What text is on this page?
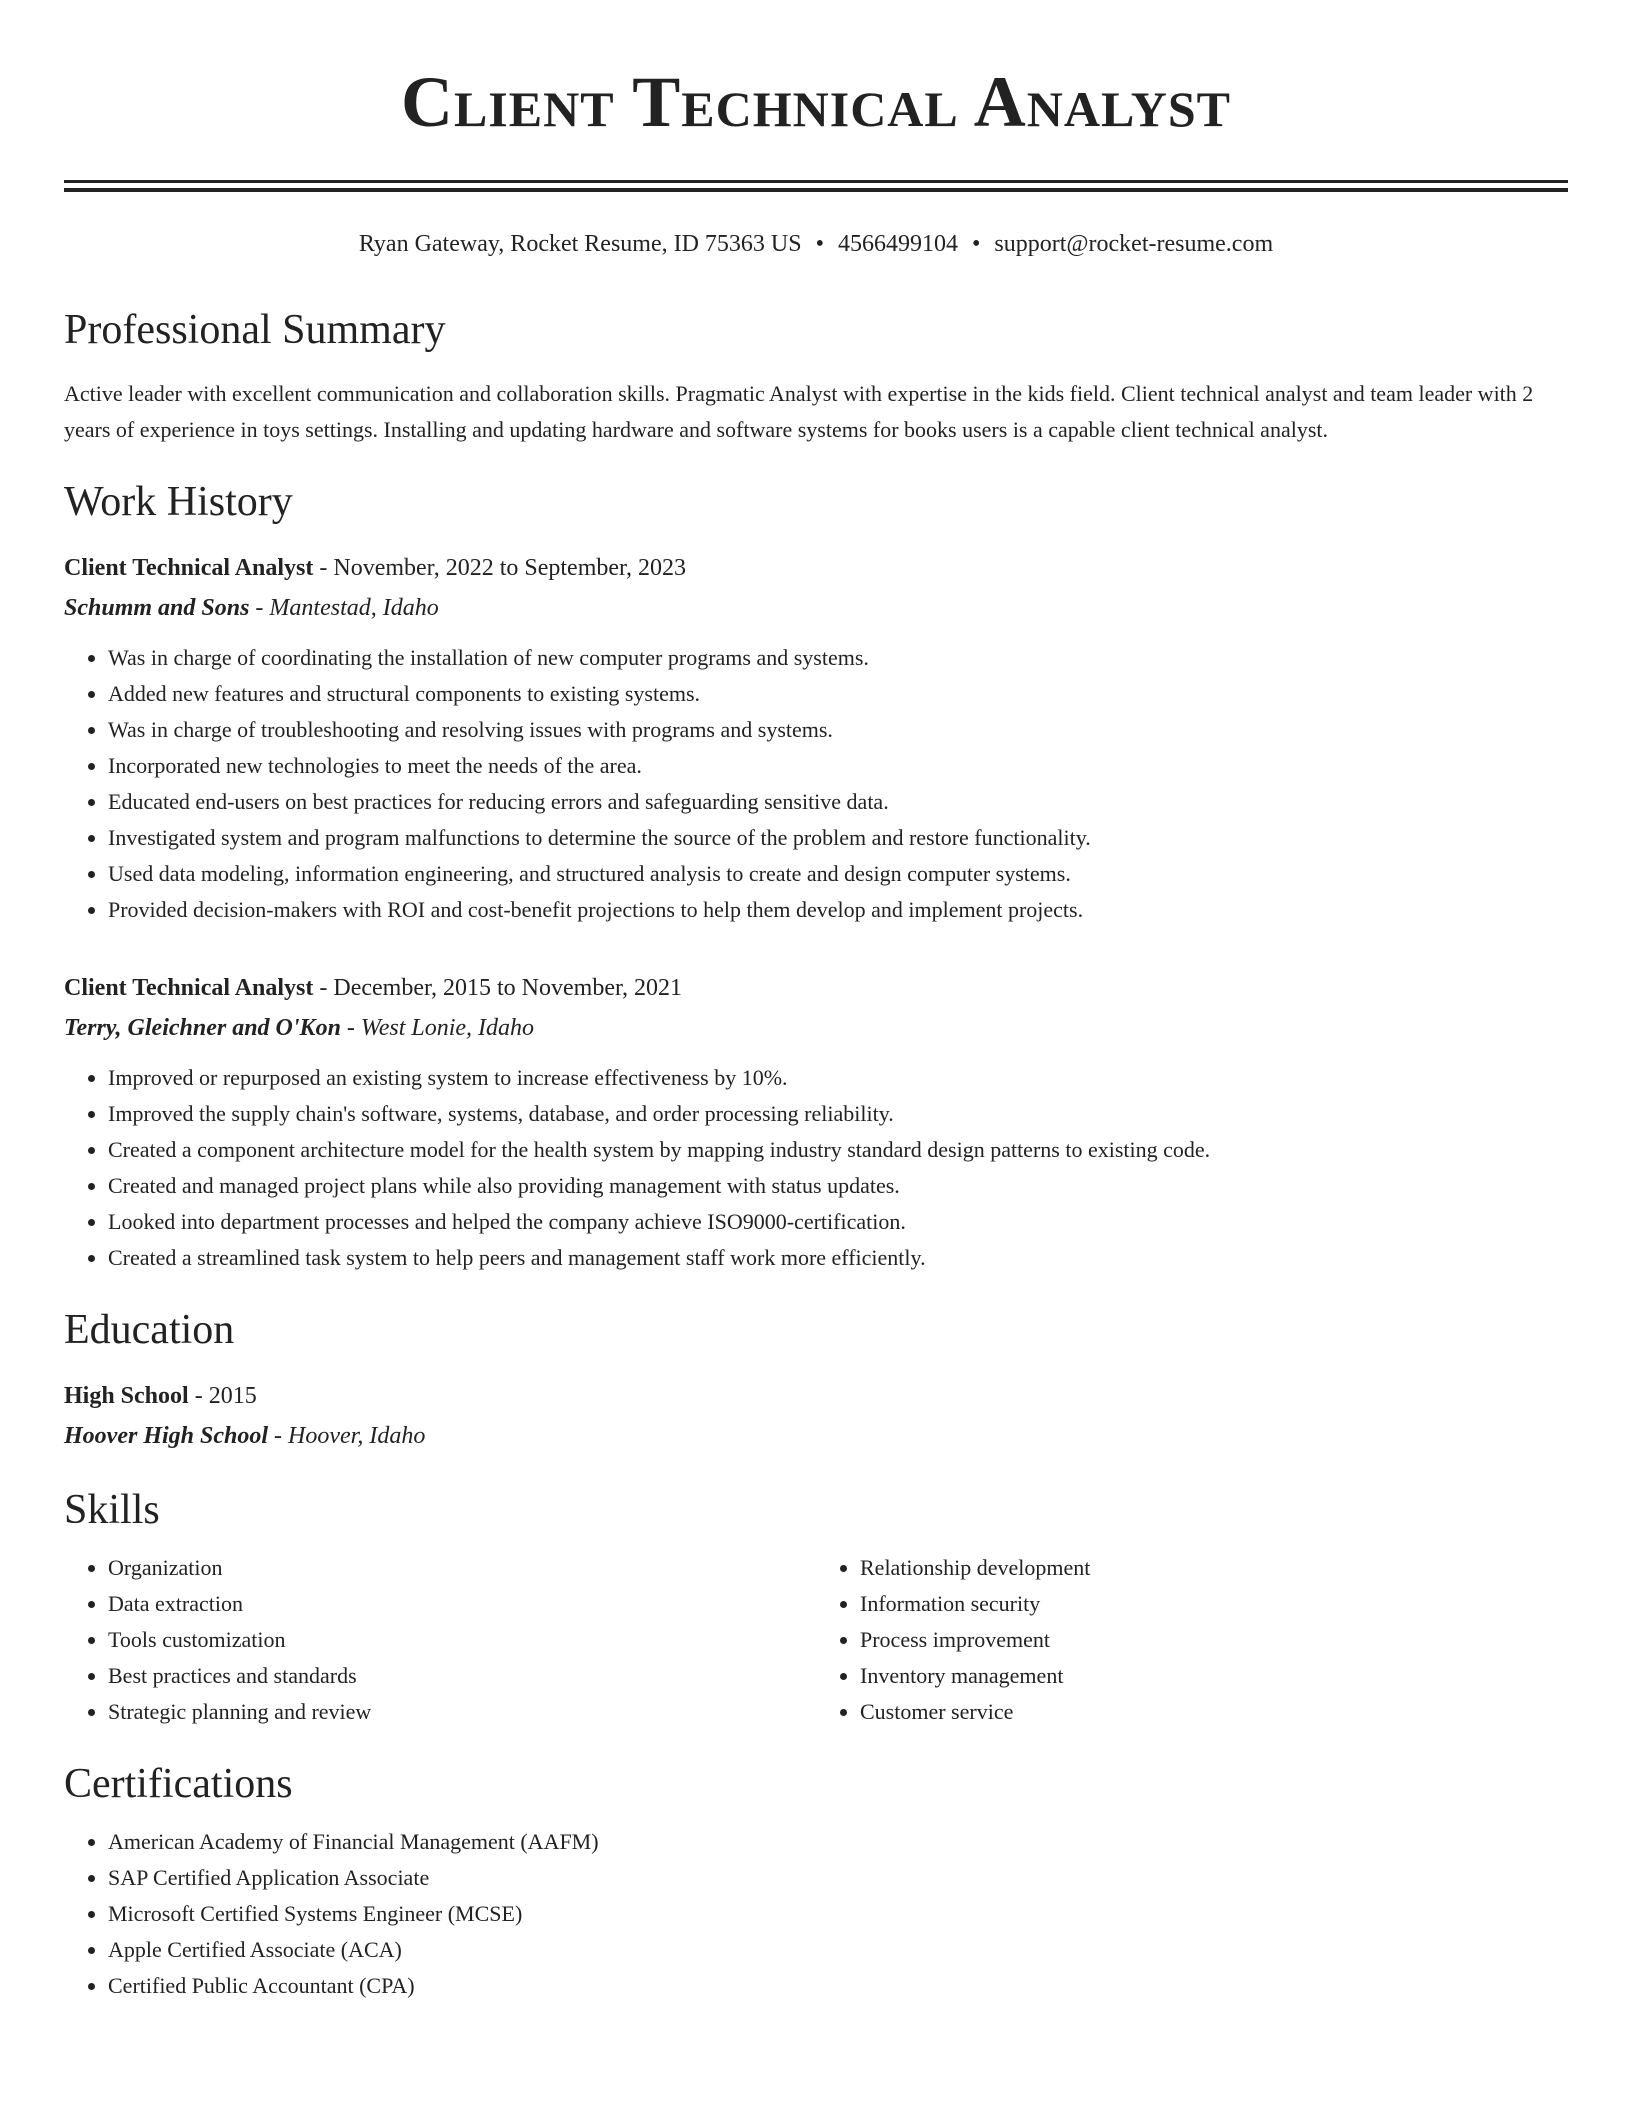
Client Technical Analyst
Ryan Gateway, Rocket Resume, ID 75363 US • 4566499104 • support@rocket-resume.com
Professional Summary

Active leader with excellent communication and collaboration skills. Pragmatic Analyst with expertise in the kids field. Client technical analyst and team leader with 2 years of experience in toys settings. Installing and updating hardware and software systems for books users is a capable client technical analyst.

Work History

Client Technical Analyst - November, 2022 to September, 2023

Schumm and Sons - Mantestad, Idaho

• Was in charge of coordinating the installation of new computer programs and systems.
• Added new features and structural components to existing systems.
• Was in charge of troubleshooting and resolving issues with programs and systems.
• Incorporated new technologies to meet the needs of the area.
• Educated end-users on best practices for reducing errors and safeguarding sensitive data.
• Investigated system and program malfunctions to determine the source of the problem and restore functionality.
• Used data modeling, information engineering, and structured analysis to create and design computer systems.
• Provided decision-makers with ROI and cost-benefit projections to help them develop and implement projects.

Client Technical Analyst - December, 2015 to November, 2021

Terry, Gleichner and O'Kon - West Lonie, Idaho

• Improved or repurposed an existing system to increase effectiveness by 10%.
• Improved the supply chain's software, systems, database, and order processing reliability.
• Created a component architecture model for the health system by mapping industry standard design patterns to existing code.
• Created and managed project plans while also providing management with status updates.
• Looked into department processes and helped the company achieve ISO9000-certification.
• Created a streamlined task system to help peers and management staff work more efficiently.
Education

High School - 2015

Hoover High School - Hoover, Idaho

Skills
• Organization
• Data extraction
• Tools customization
• Best practices and standards
• Strategic planning and review
• Relationship development
• Information security
• Process improvement
• Inventory management
• Customer service
Certifications
• American Academy of Financial Management (AAFM)
• SAP Certified Application Associate
• Microsoft Certified Systems Engineer (MCSE)
• Apple Certified Associate (ACA)
• Certified Public Accountant (CPA)
